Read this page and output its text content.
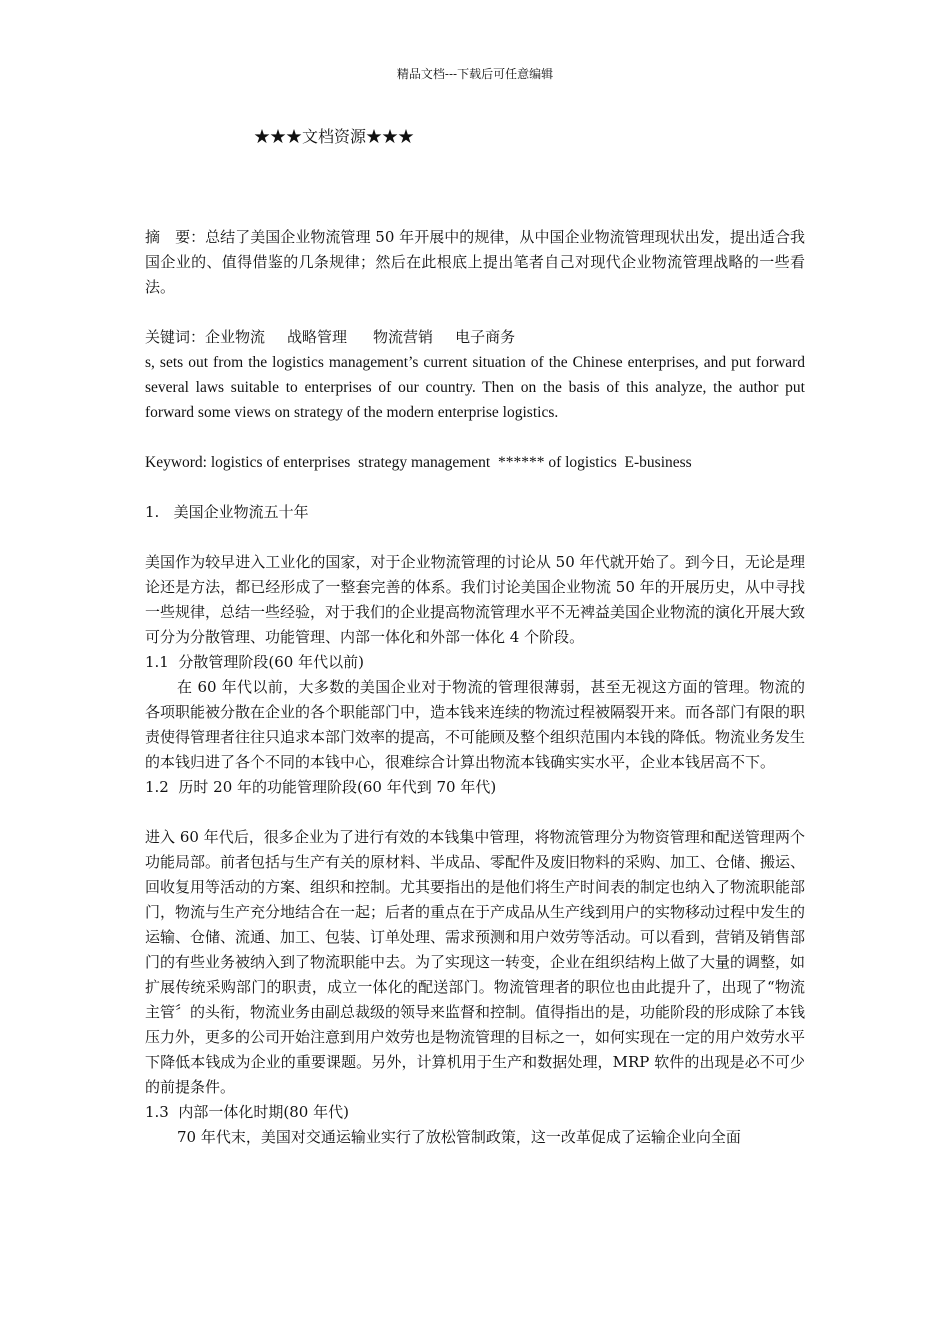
精品文档---下载后可任意编辑
★★★文档资源★★★

摘　要：总结了美国企业物流管理 50 年开展中的规律，从中国企业物流管理现状出发，提出适合我国企业的、值得借鉴的几条规律；然后在此根底上提出笔者自己对现代企业物流管理战略的一些看法。

关键词：企业物流 战略管理 物流营销 电子商务

s, sets out from the logistics management’s current situation of the Chinese enterprises, and put forward several laws suitable to enterprises of our country. Then on the basis of this analyze, the author put forward some views on strategy of the modern enterprise logistics.

Keyword: logistics of enterprises  strategy management  ****** of logistics  E-business

1.   美国企业物流五十年

美国作为较早进入工业化的国家，对于企业物流管理的讨论从 50 年代就开始了。到今日，无论是理论还是方法，都已经形成了一整套完善的体系。我们讨论美国企业物流 50 年的开展历史，从中寻找一些规律，总结一些经验，对于我们的企业提高物流管理水平不无裨益美国企业物流的演化开展大致可分为分散管理、功能管理、内部一体化和外部一体化 4 个阶段。

1.1  分散管理阶段(60 年代以前)

在 60 年代以前，大多数的美国企业对于物流的管理很薄弱，甚至无视这方面的管理。物流的各项职能被分散在企业的各个职能部门中，造本钱来连续的物流过程被隔裂开来。而各部门有限的职责使得管理者往往只追求本部门效率的提高，不可能顾及整个组织范围内本钱的降低。物流业务发生的本钱归进了各个不同的本钱中心，很难综合计算出物流本钱确实实水平，企业本钱居高不下。

1.2  历时 20 年的功能管理阶段(60 年代到 70 年代)

进入 60 年代后，很多企业为了进行有效的本钱集中管理，将物流管理分为物资管理和配送管理两个功能局部。前者包括与生产有关的原材料、半成品、零配件及废旧物料的采购、加工、仓储、搬运、回收复用等活动的方案、组织和控制。尤其要指出的是他们将生产时间表的制定也纳入了物流职能部门，物流与生产充分地结合在一起；后者的重点在于产成品从生产线到用户的实物移动过程中发生的运输、仓储、流通、加工、包装、订单处理、需求预测和用户效劳等活动。可以看到，营销及销售部门的有些业务被纳入到了物流职能中去。为了实现这一转变，企业在组织结构上做了大量的调整，如扩展传统采购部门的职责，成立一体化的配送部门。物流管理者的职位也由此提升了，出现了“物流主管〞的头衔，物流业务由副总裁级的领导来监督和控制。值得指出的是，功能阶段的形成除了本钱压力外，更多的公司开始注意到用户效劳也是物流管理的目标之一，如何实现在一定的用户效劳水平下降低本钱成为企业的重要课题。另外，计算机用于生产和数据处理，MRP 软件的出现是必不可少的前提条件。

1.3  内部一体化时期(80 年代)

70 年代末，美国对交通运输业实行了放松管制政策，这一改革促成了运输企业向全面
